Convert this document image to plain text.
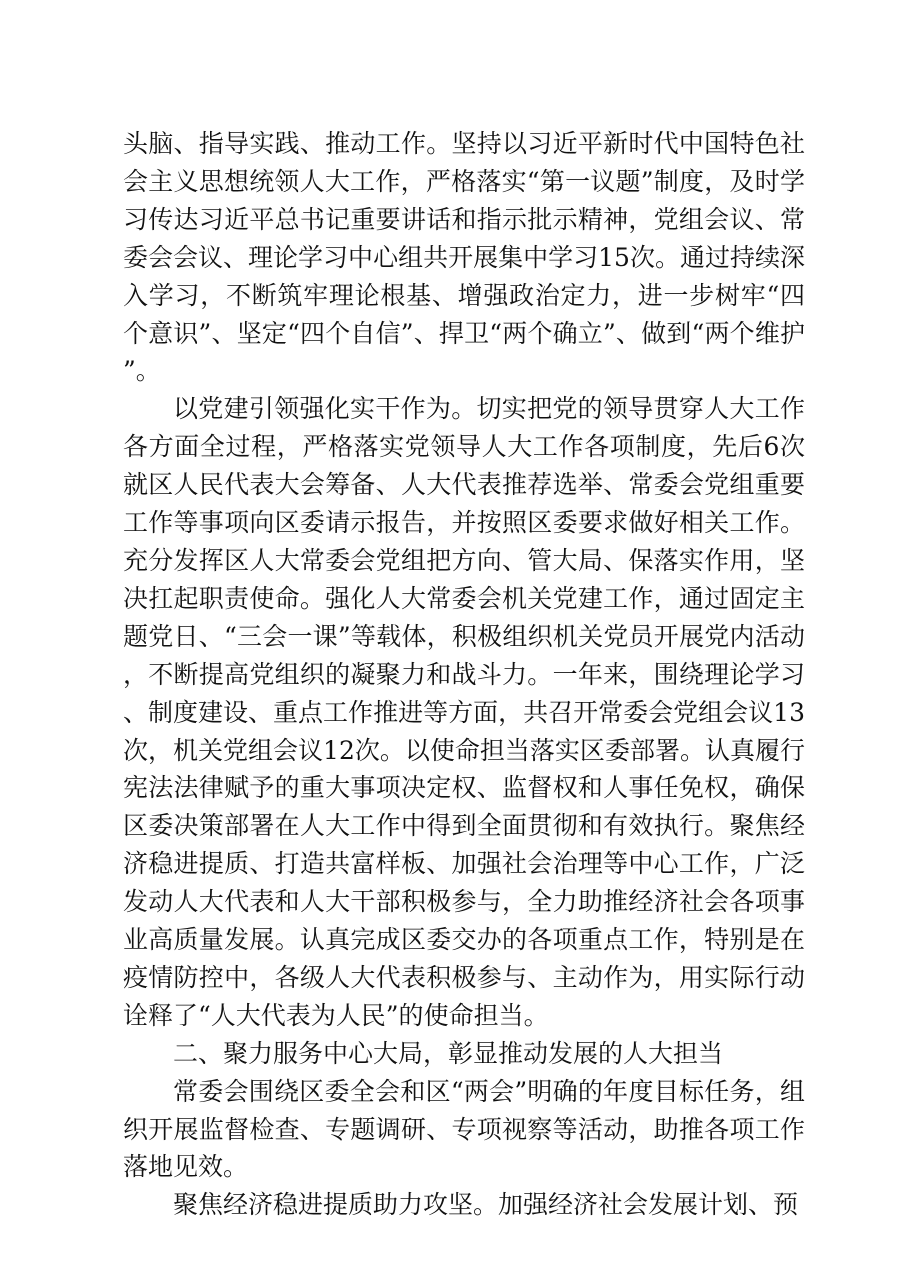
头脑、指导实践、推动工作。坚持以习近平新时代中国特色社会主义思想统领人大工作，严格落实“第一议题”制度，及时学习传达习近平总书记重要讲话和指示批示精神，党组会议、常委会会议、理论学习中心组共开展集中学习15次。通过持续深入学习，不断筑牢理论根基、增强政治定力，进一步树牢“四个意识”、坚定“四个自信”、捍卫“两个确立”、做到“两个维护”。

以党建引领强化实干作为。切实把党的领导贯穿人大工作各方面全过程，严格落实党领导人大工作各项制度，先后6次就区人民代表大会筹备、人大代表推荐选举、常委会党组重要工作等事项向区委请示报告，并按照区委要求做好相关工作。充分发挥区人大常委会党组把方向、管大局、保落实作用，坚决扛起职责使命。强化人大常委会机关党建工作，通过固定主题党日、“三会一课”等载体，积极组织机关党员开展党内活动，不断提高党组织的凝聚力和战斗力。一年来，围绕理论学习、制度建设、重点工作推进等方面，共召开常委会党组会议13次，机关党组会议12次。以使命担当落实区委部署。认真履行宪法法律赋予的重大事项决定权、监督权和人事任免权，确保区委决策部署在人大工作中得到全面贯彻和有效执行。聚焦经济稳进提质、打造共富样板、加强社会治理等中心工作，广泛发动人大代表和人大干部积极参与，全力助推经济社会各项事业高质量发展。认真完成区委交办的各项重点工作，特别是在疫情防控中，各级人大代表积极参与、主动作为，用实际行动诠释了“人大代表为人民”的使命担当。

二、聚力服务中心大局，彰显推动发展的人大担当

常委会围绕区委全会和区“两会”明确的年度目标任务，组织开展监督检查、专题调研、专项视察等活动，助推各项工作落地见效。

聚焦经济稳进提质助力攻坚。加强经济社会发展计划、预
